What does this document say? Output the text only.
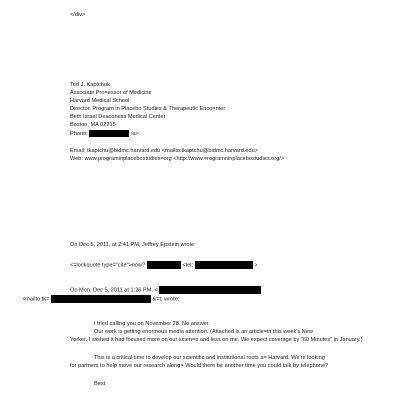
</div>
Ted J. Kaptchuk
Associate Pro=essor of Medicine
Harvard Medical School
Director, Program in Placebo Studies & Therapeutic Enco=nter
Beth Israel Deaconess Medical Center
Boston, MA 02215
Phone:	/a>
Email: tkaptchu@bidmc.harvard.edu <mailto:tkaptchu@bidmc.harvard.edu>
Web: www.programinplacebostudies=org <http://www.=rogramninplacebostudies.org/>
On Dec 5, 2011, at 2:41 PM, Jeffrey Epstein wrote:
<=lockquote type="cite">now?	<tel:	>
On Mon, Dec 5, 2011 at 1:26 PM, <
<mailto:tk=	&=t; wrote:
I tried calling you on November 28. No answer.
Our work is getting enormous media attention. (Attached is an article=in this week's New
Yorker. I wished it had focused more on our scien=e and less on me. We expect coverage by "60 Minutes" in January.)
This is a critical time to develop our scientific and institutional roots a= Harvard. We're looking
for partners to help move our research along= Would there be another time you could talk by telephone?
Best
